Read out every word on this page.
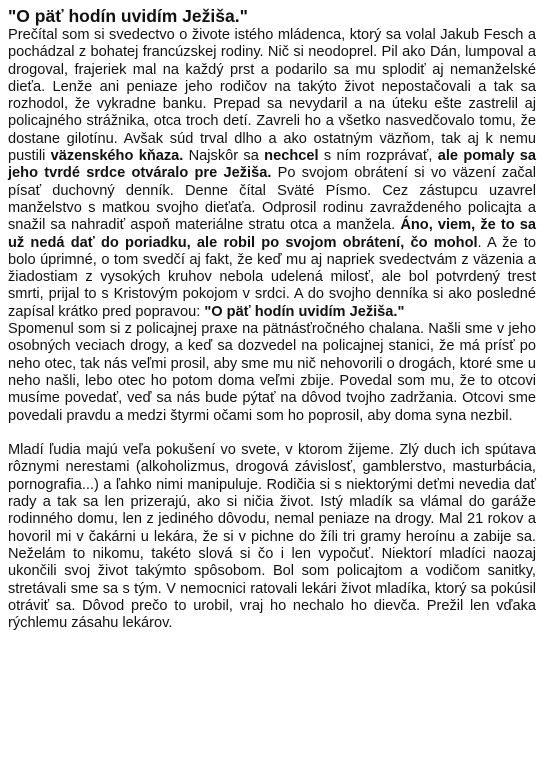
"O päť hodín uvidím Ježiša."

Prečítal som si svedectvo o živote istého mládenca, ktorý sa volal Jakub Fesch a pochádzal z bohatej francúzskej rodiny. Nič si neodoprel. Pil ako Dán, lumpoval a drogoval, frajeriek mal na každý prst a podarilo sa mu splodiť aj nemanželské dieťa. Lenže ani peniaze jeho rodičov na takýto život nepostačovali a tak sa rozhodol, že vykradne banku. Prepad sa nevydaril a na úteku ešte zastrelil aj policajného strážnika, otca troch detí. Zavreli ho a všetko nasvedčovalo tomu, že dostane gilotínu. Avšak súd trval dlho a ako ostatným väzňom, tak aj k nemu pustili väzenského kňaza. Najskôr sa nechcel s ním rozprávať, ale pomaly sa jeho tvrdé srdce otváralo pre Ježiša. Po svojom obrátení si vo väzení začal písať duchovný denník. Denne čítal Sväté Písmo. Cez zástupcu uzavrel manželstvo s matkou svojho dieťaťa. Odprosil rodinu zavraždeného policajta a snažil sa nahradiť aspoň materiálne stratu otca a manžela. Áno, viem, že to sa už nedá dať do poriadku, ale robil po svojom obrátení, čo mohol. A že to bolo úprimné, o tom svedčí aj fakt, že keď mu aj napriek svedectvám z väzenia a žiadostiam z vysokých kruhov nebola udelená milosť, ale bol potvrdený trest smrti, prijal to s Kristovým pokojom v srdci. A do svojho denníka si ako posledné zapísal krátko pred popravou: "O päť hodín uvidím Ježiša."

Spomenul som si z policajnej praxe na pätnásťročného chalana. Našli sme v jeho osobných veciach drogy, a keď sa dozvedel na policajnej stanici, že má prísť po neho otec, tak nás veľmi prosil, aby sme mu nič nehovorili o drogách, ktoré sme u neho našli, lebo otec ho potom doma veľmi zbije. Povedal som mu, že to otcovi musíme povedať, veď sa nás bude pýtať na dôvod tvojho zadržania. Otcovi sme povedali pravdu a medzi štyrmi očami som ho poprosil, aby doma syna nezbil.

Mladí ľudia majú veľa pokušení vo svete, v ktorom žijeme. Zlý duch ich spútava rôznymi nerestami (alkoholizmus, drogová závislosť, gamblerstvo, masturbácia, pornografia...) a ľahko nimi manipuluje. Rodičia si s niektorými deťmi nevedia dať rady a tak sa len prizerajú, ako si ničia život. Istý mladík sa vlámal do garáže rodinného domu, len z jediného dôvodu, nemal peniaze na drogy. Mal 21 rokov a hovoril mi v čakárni u lekára, že si v pichne do žíli tri gramy heroínu a zabije sa. Neželám to nikomu, takéto slová si čo i len vypočuť. Niektorí mladíci naozaj ukončili svoj život takýmto spôsobom. Bol som policajtom a vodičom sanitky, stretávali sme sa s tým. V nemocnici ratovali lekári život mladíka, ktorý sa pokúsil otráviť sa. Dôvod prečo to urobil, vraj ho nechalo ho dievča. Prežil len vďaka rýchlemu zásahu lekárov.
